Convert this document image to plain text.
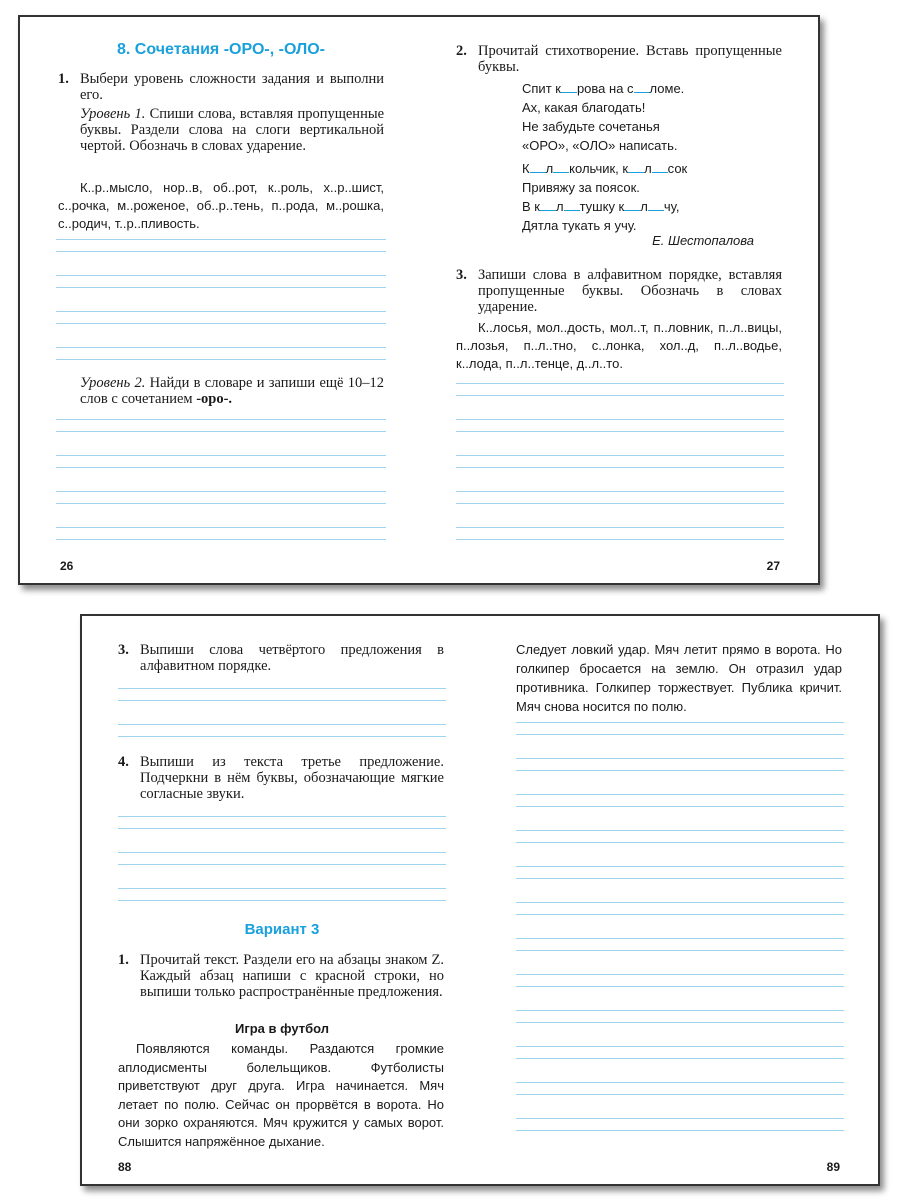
8. Сочетания -ОРО-, -ОЛО-
1. Выбери уровень сложности задания и выполни его.
Уровень 1. Спиши слова, вставляя пропущенные буквы. Раздели слова на слоги вертикальной чертой. Обозначь в словах ударение.
К..р..мысло, нор..в, об..рот, к..роль, х..р..шист, с..рочка, м..роженое, об..р..тень, п..рода, м..рошка, с..родич, т..р..пливость.
Уровень 2. Найди в словаре и запиши ещё 10–12 слов с сочетанием -оро-.
26
2. Прочитай стихотворение. Вставь пропущенные буквы.
Спит к рова на с ломе.
Ах, какая благодать!
Не забудьте сочетанья
«ОРО», «ОЛО» написать.
К л кольчик, к л сок
Привяжу за поясок.
В к л тушку к л чу,
Дятла тукать я учу.
Е. Шестопалова
3. Запиши слова в алфавитном порядке, вставляя пропущенные буквы. Обозначь в словах ударение.
К..лосья, мол..дость, мол..т, п..ловник, п..л..вицы, п..лозья, п..л..тно, с..лонка, хол..д, п..л..водье, к..лода, п..л..тенце, д..л..то.
27
3. Выпиши слова четвёртого предложения в алфавитном порядке.
4. Выпиши из текста третье предложение. Подчеркни в нём буквы, обозначающие мягкие согласные звуки.
Вариант 3
1. Прочитай текст. Раздели его на абзацы знаком Z. Каждый абзац напиши с красной строки, но выпиши только распространённые предложения.
Игра в футбол
Появляются команды. Раздаются громкие аплодисменты болельщиков. Футболисты приветствуют друг друга. Игра начинается. Мяч летает по полю. Сейчас он прорвётся в ворота. Но они зорко охраняются. Мяч кружится у самых ворот. Слышится напряжённое дыхание.
88
Следует ловкий удар. Мяч летит прямо в ворота. Но голкипер бросается на землю. Он отразил удар противника. Голкипер торжествует. Публика кричит. Мяч снова носится по полю.
89
